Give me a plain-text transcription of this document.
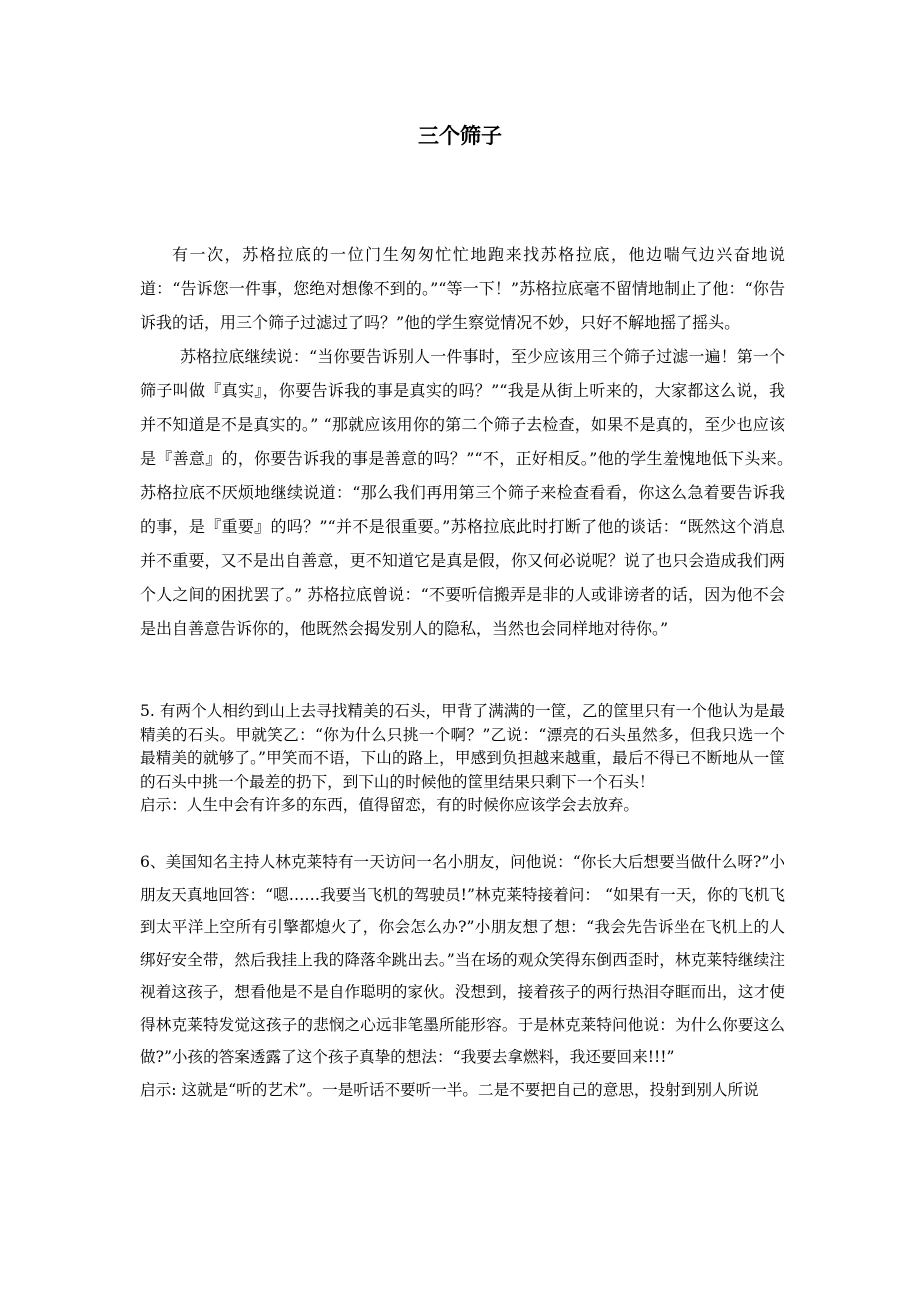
三个筛子

有一次，苏格拉底的一位门生匆匆忙忙地跑来找苏格拉底，他边喘气边兴奋地说道：“告诉您一件事，您绝对想像不到的。”“等一下！”苏格拉底毫不留情地制止了他：“你告诉我的话，用三个筛子过滤过了吗？”他的学生察觉情况不妙，只好不解地摇了摇头。

苏格拉底继续说：“当你要告诉别人一件事时，至少应该用三个筛子过滤一遍！第一个筛子叫做『真实』，你要告诉我的事是真实的吗？”“我是从街上听来的，大家都这么说，我并不知道是不是真实的。” “那就应该用你的第二个筛子去检查，如果不是真的，至少也应该是『善意』的，你要告诉我的事是善意的吗？”“不，正好相反。”他的学生羞愧地低下头来。　苏格拉底不厌烦地继续说道：“那么我们再用第三个筛子来检查看看，你这么急着要告诉我的事，是『重要』的吗？”“并不是很重要。”苏格拉底此时打断了他的谈话：“既然这个消息并不重要，又不是出自善意，更不知道它是真是假，你又何必说呢？说了也只会造成我们两个人之间的困扰罢了。” 苏格拉底曾说：“不要听信搬弄是非的人或诽谤者的话，因为他不会是出自善意告诉你的，他既然会揭发别人的隐私，当然也会同样地对待你。”

5. 有两个人相约到山上去寻找精美的石头，甲背了满满的一筐，乙的筐里只有一个他认为是最精美的石头。甲就笑乙：“你为什么只挑一个啊？”乙说：“漂亮的石头虽然多，但我只选一个最精美的就够了。”甲笑而不语，下山的路上，甲感到负担越来越重，最后不得已不断地从一筐的石头中挑一个最差的扔下，到下山的时候他的筐里结果只剩下一个石头！

启示：人生中会有许多的东西，值得留恋，有的时候你应该学会去放弃。

6、美国知名主持人林克莱特有一天访问一名小朋友，问他说：“你长大后想要当做什么呀?”小朋友天真地回答：“嗯……我要当飞机的驾驶员!”林克莱特接着问： “如果有一天，你的飞机飞到太平洋上空所有引擎都熄火了，你会怎么办?”小朋友想了想：“我会先告诉坐在飞机上的人绑好安全带，然后我挂上我的降落伞跳出去。”当在场的观众笑得东倒西歪时，林克莱特继续注视着这孩子，想看他是不是自作聪明的家伙。没想到，接着孩子的两行热泪夺眶而出，这才使得林克莱特发觉这孩子的悲悯之心远非笔墨所能形容。于是林克莱特问他说：为什么你要这么做?”小孩的答案透露了这个孩子真挚的想法：“我要去拿燃料，我还要回来!!!”

启示: 这就是“听的艺术”。一是听话不要听一半。二是不要把自己的意思，投射到别人所说
